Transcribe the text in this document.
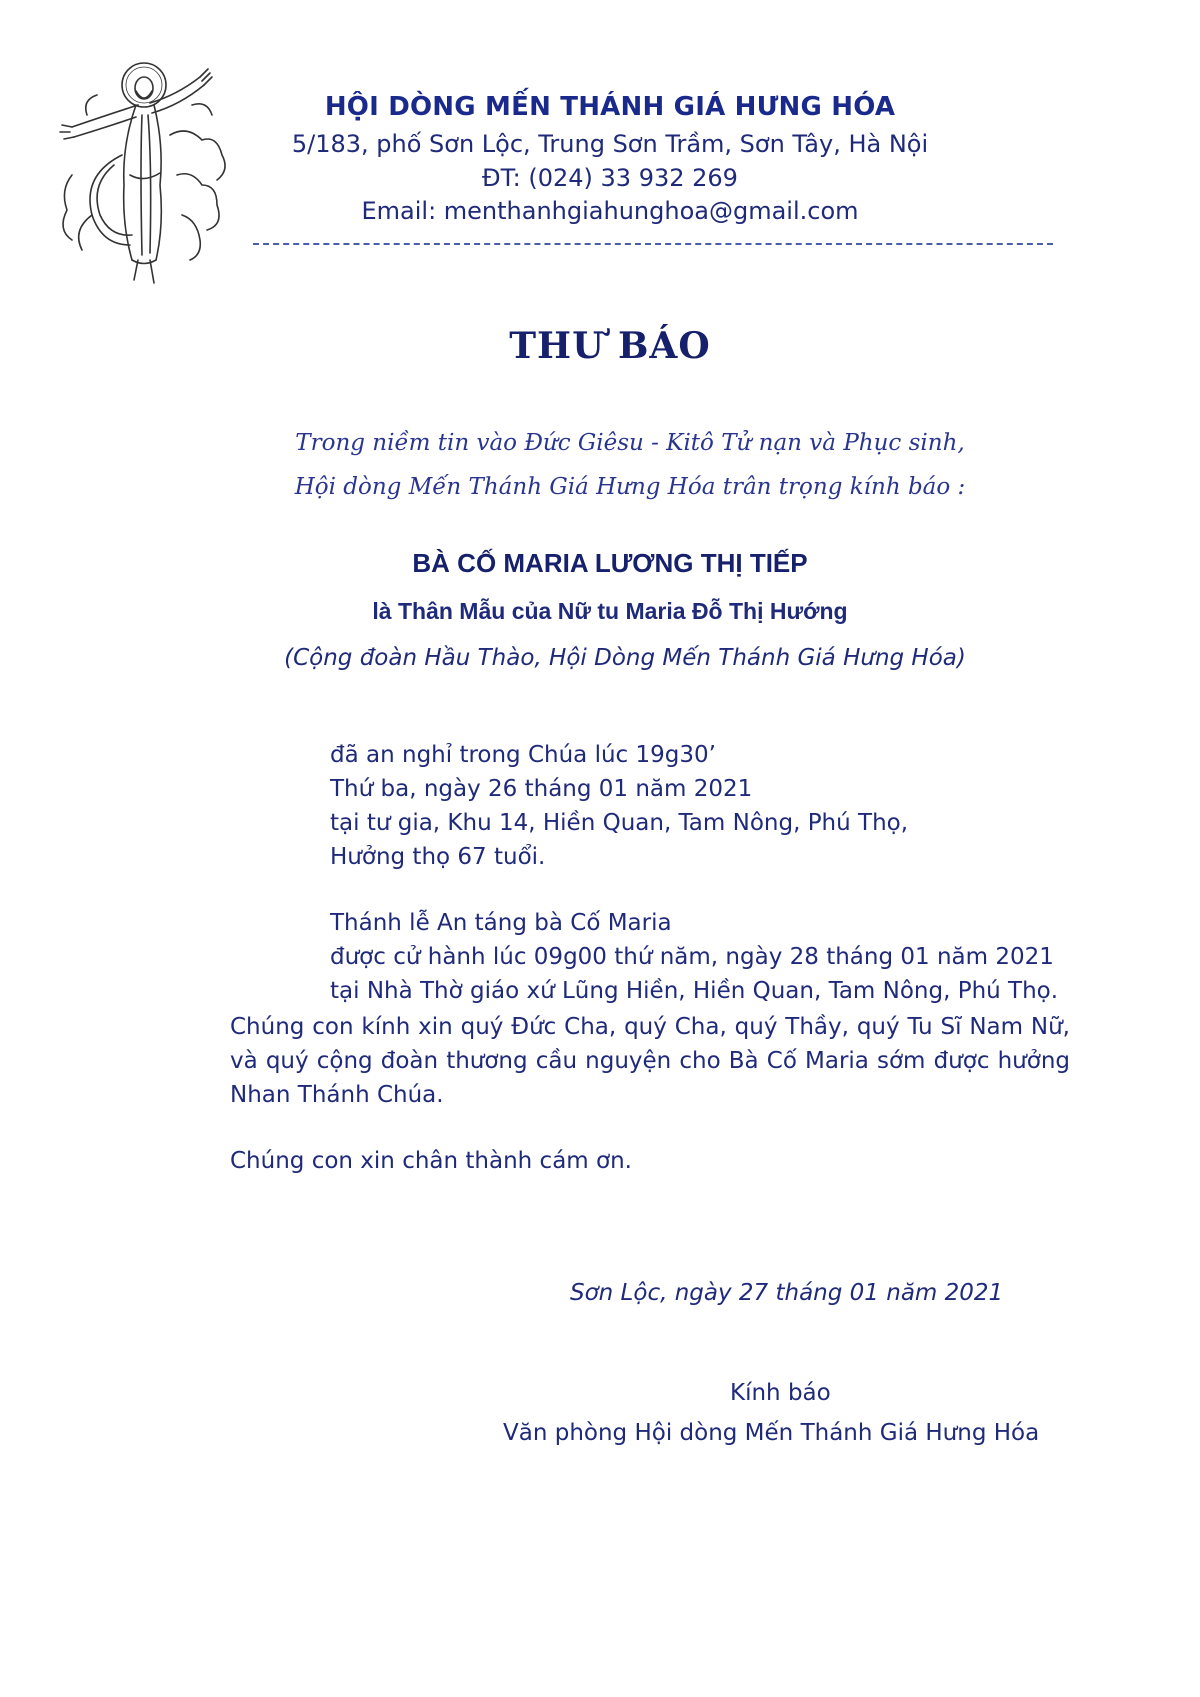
HỘI DÒNG MẾN THÁNH GIÁ HƯNG HÓA
5/183, phố Sơn Lộc, Trung Sơn Trầm, Sơn Tây, Hà Nội
ĐT: (024) 33 932 269
Email: menthanhgiahunghoa@gmail.com
THƯ BÁO
Trong niềm tin vào Đức Giêsu - Kitô Tử nạn và Phục sinh,
Hội dòng Mến Thánh Giá Hưng Hóa trân trọng kính báo :
BÀ CỐ MARIA LƯƠNG THỊ TIẾP
là Thân Mẫu của Nữ tu Maria Đỗ Thị Hướng
(Cộng đoàn Hầu Thào, Hội Dòng Mến Thánh Giá Hưng Hóa)
đã an nghỉ trong Chúa lúc 19g30’
Thứ ba, ngày 26 tháng 01 năm 2021
tại tư gia, Khu 14, Hiền Quan, Tam Nông, Phú Thọ,
Hưởng thọ 67 tuổi.
Thánh lễ An táng bà Cố Maria
được cử hành lúc 09g00 thứ năm, ngày 28 tháng 01 năm 2021
tại Nhà Thờ giáo xứ Lũng Hiền, Hiền Quan, Tam Nông, Phú Thọ.
Chúng con kính xin quý Đức Cha, quý Cha, quý Thầy, quý Tu Sĩ Nam Nữ, và quý cộng đoàn thương cầu nguyện cho Bà Cố Maria sớm được hưởng Nhan Thánh Chúa.
Chúng con xin chân thành cám ơn.
Sơn Lộc, ngày 27 tháng 01 năm 2021
Kính báo
Văn phòng Hội dòng Mến Thánh Giá Hưng Hóa
